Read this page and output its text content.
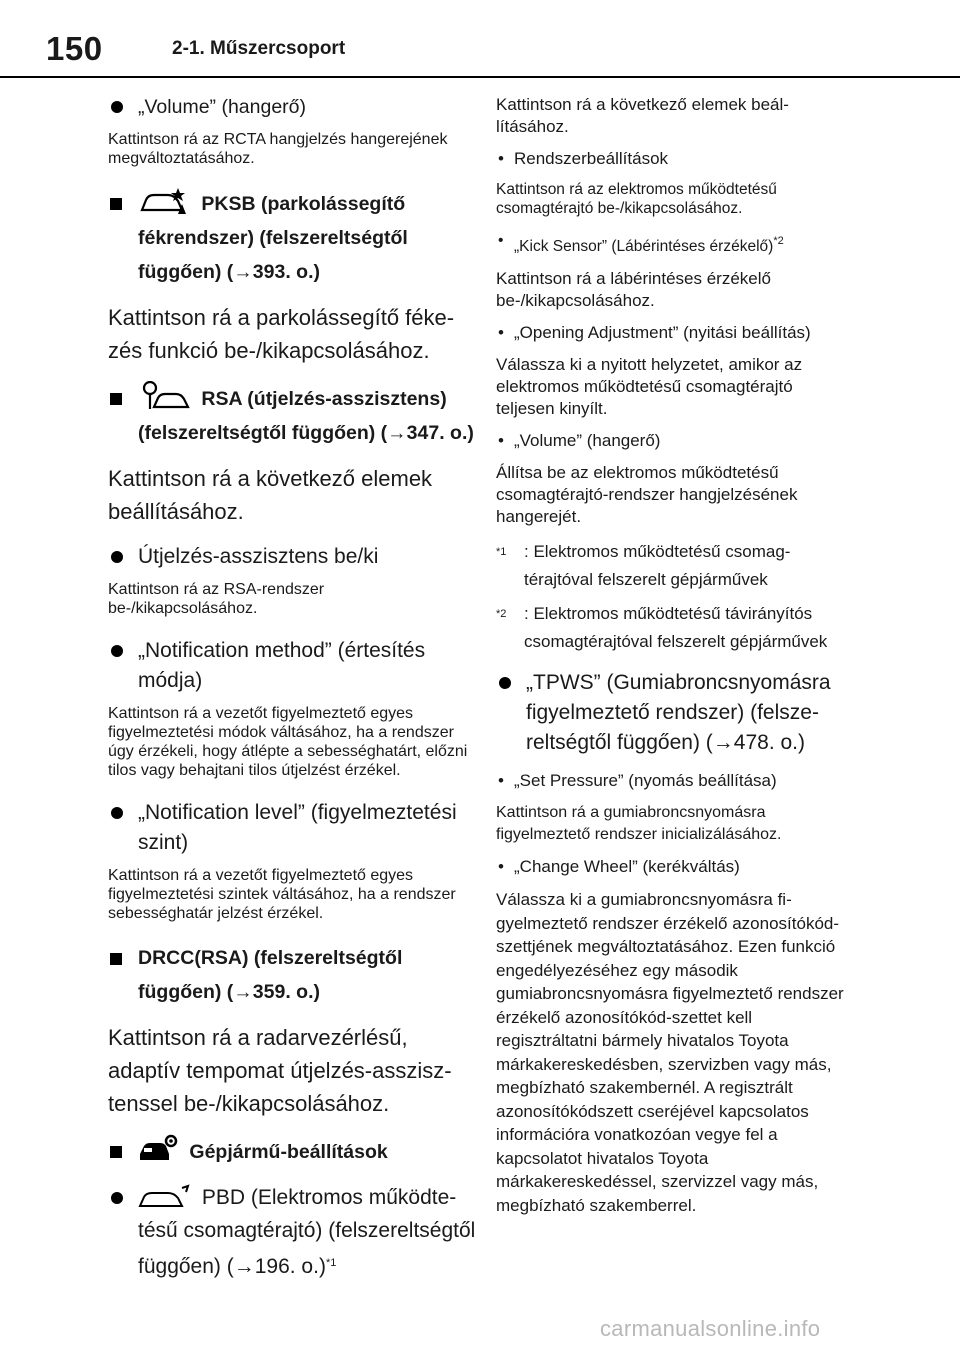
150	2-1. Műszercsoport
„Volume” (hangerő)

Kattintson rá az RCTA hangjelzés hangerejének megváltoztatásához.

PKSB (parkolássegítő fékrendszer) (felszereltségtől függően) (→393. o.)

Kattintson rá a parkolássegítő fékezés funkció be-/kikapcsolásához.

RSA (útjelzés-asszisztens) (felszereltségtől függően) (→347. o.)

Kattintson rá a következő elemek beállításához.

Útjelzés-asszisztens be/ki

Kattintson rá az RSA-rendszer be-/kikapcsolásához.

„Notification method” (értesítés módja)

Kattintson rá a vezetőt figyelmeztető egyes figyelmeztetési módok váltásához, ha a rendszer úgy érzékeli, hogy átlépte a sebességhatárt, előzni tilos vagy behajtani tilos útjelzést érzékel.

„Notification level” (figyelmeztetési szint)

Kattintson rá a vezetőt figyelmeztető egyes figyelmeztetési szintek váltásához, ha a rendszer sebességhatár jelzést érzékel.

DRCC(RSA) (felszereltségtől függően) (→359. o.)

Kattintson rá a radarvezérlésű, adaptív tempomat útjelzés-asszisztenssel be-/kikapcsolásához.

Gépjármű-beállítások
PBD (Elektromos működtetésű csomagtérajtó) (felszereltségtől függően) (→196. o.)$^{*1}$

Kattintson rá a következő elemek beállításához.

• Rendszerbeállítások

Kattintson rá az elektromos működtetésű csomagtérajtó be-/kikapcsolásához.

• „Kick Sensor” (Lábérintéses érzékelő)$^{*2}$

Kattintson rá a lábérintéses érzékelő be-/kikapcsolásához.

• „Opening Adjustment” (nyitási beállítás)

Válassza ki a nyitott helyzetet, amikor az elektromos működtetésű csomagtérajtó teljesen kinyílt.

• „Volume” (hangerő)

Állítsa be az elektromos működtetésű csomagtérajtó-rendszer hangjelzésének hangerejét.

$^{*1}$ : Elektromos működtetésű csomagtérajtóval felszerelt gépjárművek
$^{*2}$ : Elektromos működtetésű távirányítós csomagtérajtóval felszerelt gépjárművek
„TPWS” (Gumiabroncsnyomásra figyelmeztető rendszer) (felszereltségtől függően) (→478. o.)
• „Set Pressure” (nyomás beállítása)

Kattintson rá a gumiabroncsnyomásra figyelmeztető rendszer inicializálásához.

• „Change Wheel” (kerékváltás)

Válassza ki a gumiabroncsnyomásra figyelmeztető rendszer érzékelő azonosítókód-szettjének megváltoztatásához. Ezen funkció engedélyezéséhez egy második gumiabroncsnyomásra figyelmeztető rendszer érzékelő azonosítókód-szettet kell regisztráltatni bármely hivatalos Toyota márkakereskedésben, szervizben vagy más, megbízható szakembernél. A regisztrált azonosítókódszett cseréjével kapcsolatos információra vonatkozóan vegye fel a kapcsolatot hivatalos Toyota márkakereskedéssel, szervizzel vagy más, megbízható szakemberrel.

carmanualsonline.info
